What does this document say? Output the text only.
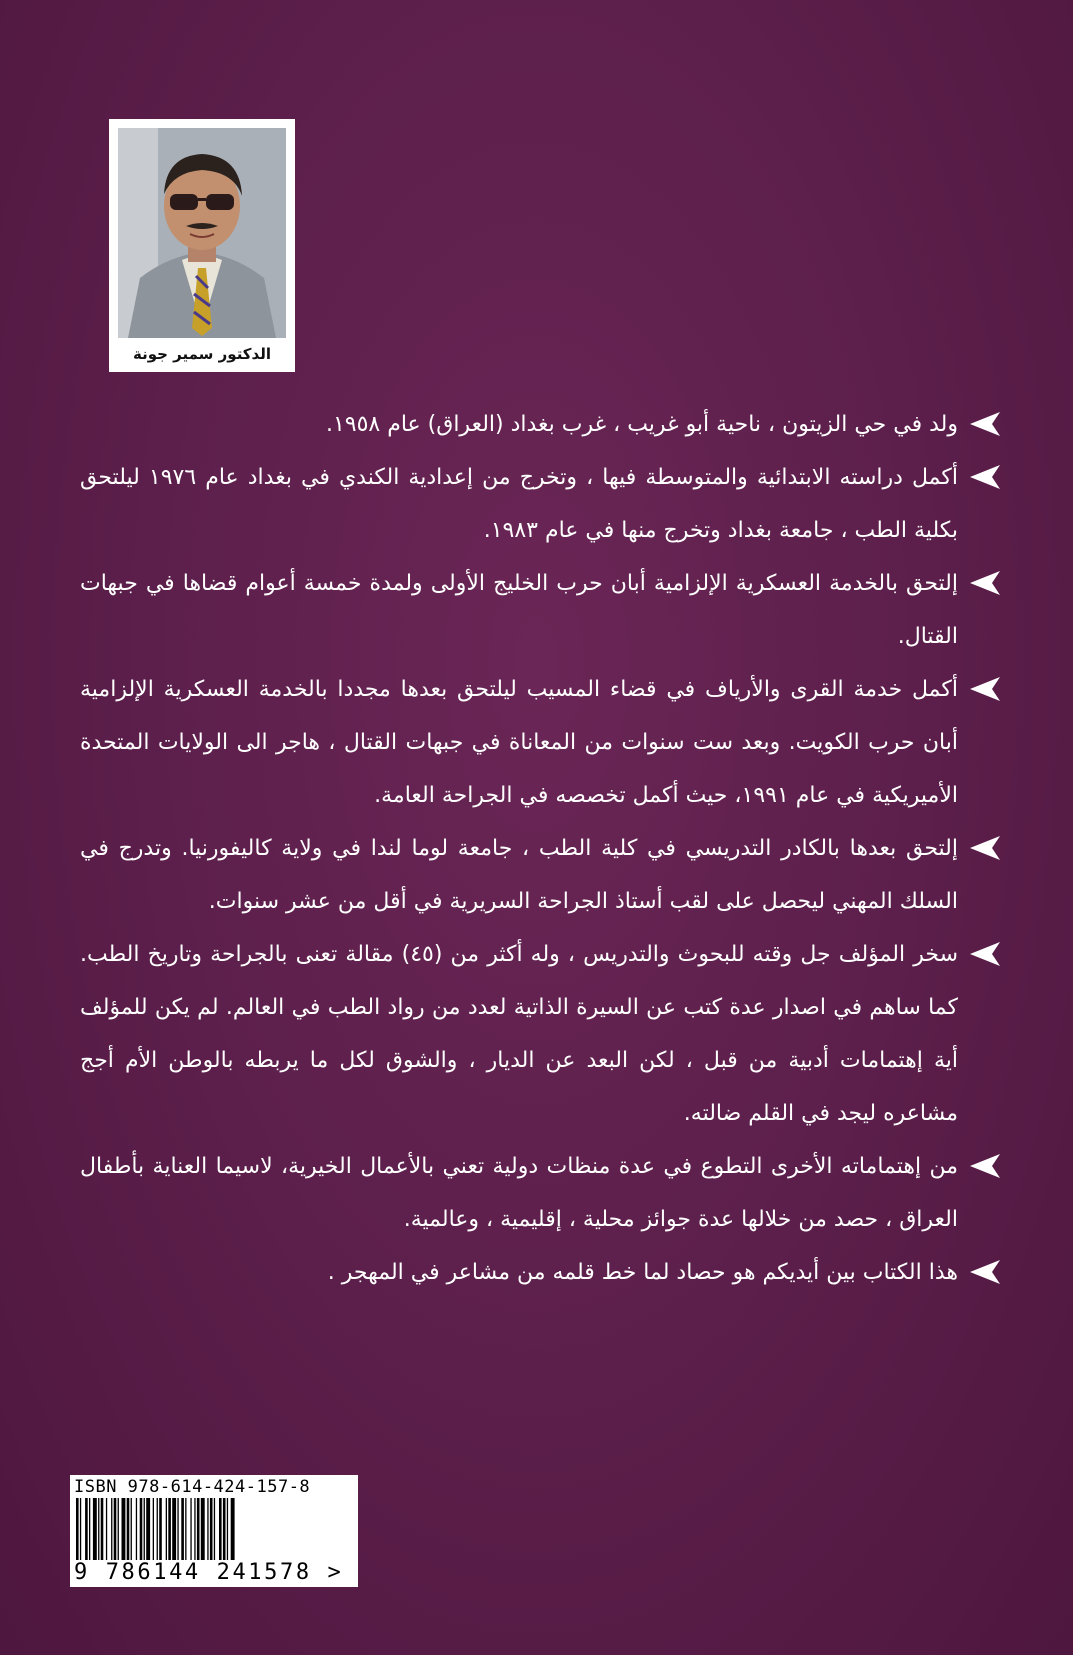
الدكتور سمير جونة
ولد في حي الزيتون ، ناحية أبو غريب ، غرب بغداد (العراق) عام ١٩٥٨.
أكمل دراسته الابتدائية والمتوسطة فيها ، وتخرج من إعدادية الكندي في بغداد عام ١٩٧٦ ليلتحق بكلية الطب ، جامعة بغداد وتخرج منها في عام ١٩٨٣.
إلتحق بالخدمة العسكرية الإلزامية أبان حرب الخليج الأولى ولمدة خمسة أعوام قضاها في جبهات القتال.
أكمل خدمة القرى والأرياف في قضاء المسيب ليلتحق بعدها مجددا بالخدمة العسكرية الإلزامية أبان حرب الكويت. وبعد ست سنوات من المعاناة في جبهات القتال ، هاجر الى الولايات المتحدة الأميريكية في عام ١٩٩١، حيث أكمل تخصصه في الجراحة العامة.
إلتحق بعدها بالكادر التدريسي في كلية الطب ، جامعة لوما لندا في ولاية كاليفورنيا. وتدرج في السلك المهني ليحصل على لقب أستاذ الجراحة السريرية في أقل من عشر سنوات.
سخر المؤلف جل وقته للبحوث والتدريس ، وله أكثر من (٤٥) مقالة تعنى بالجراحة وتاريخ الطب. كما ساهم في اصدار عدة كتب عن السيرة الذاتية لعدد من رواد الطب في العالم. لم يكن للمؤلف أية إهتمامات أدبية من قبل ، لكن البعد عن الديار ، والشوق لكل ما يربطه بالوطن الأم أجج مشاعره ليجد في القلم ضالته.
من إهتماماته الأخرى التطوع في عدة منظات دولية تعني بالأعمال الخيرية، لاسيما العناية بأطفال العراق ، حصد من خلالها عدة جوائز محلية ، إقليمية ، وعالمية.
هذا الكتاب بين أيديكم هو حصاد لما خط قلمه من مشاعر في المهجر .
ISBN 978-614-424-157-8
9 786144 241578 >
